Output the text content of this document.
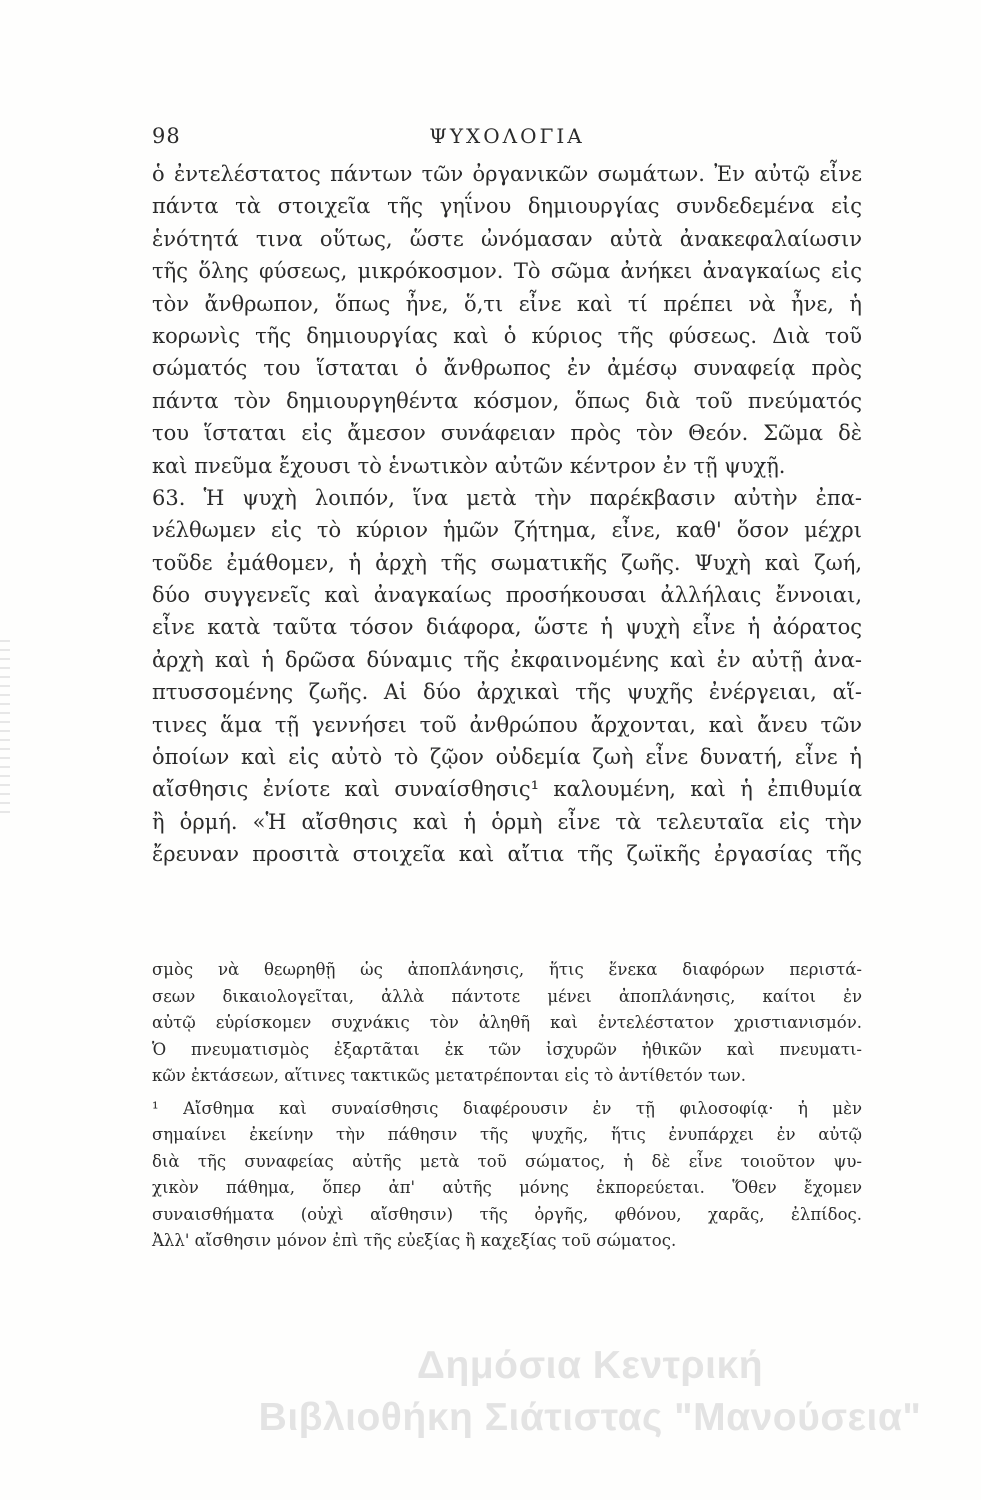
98	ΨΥΧΟΛΟΓΙΑ
ὁ ἐντελέστατος πάντων τῶν ὀργανικῶν σωμάτων. Ἐν αὐτῷ εἶνε
πάντα τὰ στοιχεῖα τῆς γηΐνου δημιουργίας συνδεδεμένα εἰς
ἑνότητά τινα οὕτως, ὥστε ὠνόμασαν αὐτὰ ἀνακεφαλαίωσιν
τῆς ὅλης φύσεως, μικρόκοσμον. Τὸ σῶμα ἀνήκει ἀναγκαίως εἰς
τὸν ἄνθρωπον, ὅπως ἦνε, ὅ,τι εἶνε καὶ τί πρέπει νὰ ἦνε, ἡ
κορωνὶς τῆς δημιουργίας καὶ ὁ κύριος τῆς φύσεως. Διὰ τοῦ
σώματός του ἵσταται ὁ ἄνθρωπος ἐν ἀμέσῳ συναφείᾳ πρὸς
πάντα τὸν δημιουργηθέντα κόσμον, ὅπως διὰ τοῦ πνεύματός
του ἵσταται εἰς ἄμεσον συνάφειαν πρὸς τὸν Θεόν. Σῶμα δὲ
καὶ πνεῦμα ἔχουσι τὸ ἑνωτικὸν αὐτῶν κέντρον ἐν τῇ ψυχῇ.
63. Ἡ ψυχὴ λοιπόν, ἵνα μετὰ τὴν παρέκβασιν αὐτὴν ἐπα-
νέλθωμεν εἰς τὸ κύριον ἡμῶν ζήτημα, εἶνε, καθ' ὅσον μέχρι
τοῦδε ἐμάθομεν, ἡ ἀρχὴ τῆς σωματικῆς ζωῆς. Ψυχὴ καὶ ζωή,
δύο συγγενεῖς καὶ ἀναγκαίως προσήκουσαι ἀλλήλαις ἔννοιαι,
εἶνε κατὰ ταῦτα τόσον διάφορα, ὥστε ἡ ψυχὴ εἶνε ἡ ἀόρατος
ἀρχὴ καὶ ἡ δρῶσα δύναμις τῆς ἐκφαινομένης καὶ ἐν αὐτῇ ἀνα-
πτυσσομένης ζωῆς. Αἱ δύο ἀρχικαὶ τῆς ψυχῆς ἐνέργειαι, αἵ-
τινες ἅμα τῇ γεννήσει τοῦ ἀνθρώπου ἄρχονται, καὶ ἄνευ τῶν
ὁποίων καὶ εἰς αὐτὸ τὸ ζῷον οὐδεμία ζωὴ εἶνε δυνατή, εἶνε ἡ
αἴσθησις ἐνίοτε καὶ συναίσθησις¹ καλουμένη, καὶ ἡ ἐπιθυμία
ἢ ὁρμή. «Ἡ αἴσθησις καὶ ἡ ὁρμὴ εἶνε τὰ τελευταῖα εἰς τὴν
ἔρευναν προσιτὰ στοιχεῖα καὶ αἴτια τῆς ζωϊκῆς ἐργασίας τῆς
σμὸς νὰ θεωρηθῇ ὡς ἀποπλάνησις, ἥτις ἕνεκα διαφόρων περιστά-
σεων δικαιολογεῖται, ἀλλὰ πάντοτε μένει ἀποπλάνησις, καίτοι ἐν
αὐτῷ εὑρίσκομεν συχνάκις τὸν ἀληθῆ καὶ ἐντελέστατον χριστιανισμόν.
Ὁ πνευματισμὸς ἐξαρτᾶται ἐκ τῶν ἰσχυρῶν ἠθικῶν καὶ πνευματι-
κῶν ἐκτάσεων, αἵτινες τακτικῶς μετατρέπονται εἰς τὸ ἀντίθετόν των.
¹ Αἴσθημα καὶ συναίσθησις διαφέρουσιν ἐν τῇ φιλοσοφίᾳ· ἡ μὲν
σημαίνει ἐκείνην τὴν πάθησιν τῆς ψυχῆς, ἥτις ἐνυπάρχει ἐν αὐτῷ
διὰ τῆς συναφείας αὐτῆς μετὰ τοῦ σώματος, ἡ δὲ εἶνε τοιοῦτον ψυ-
χικὸν πάθημα, ὅπερ ἀπ' αὐτῆς μόνης ἐκπορεύεται. Ὅθεν ἔχομεν
συναισθήματα (οὐχὶ αἴσθησιν) τῆς ὀργῆς, φθόνου, χαρᾶς, ἐλπίδος.
Ἀλλ' αἴσθησιν μόνον ἐπὶ τῆς εὐεξίας ἢ καχεξίας τοῦ σώματος.
Δημόσια Κεντρική
Βιβλιοθήκη Σιάτιστας "Μανούσεια"
